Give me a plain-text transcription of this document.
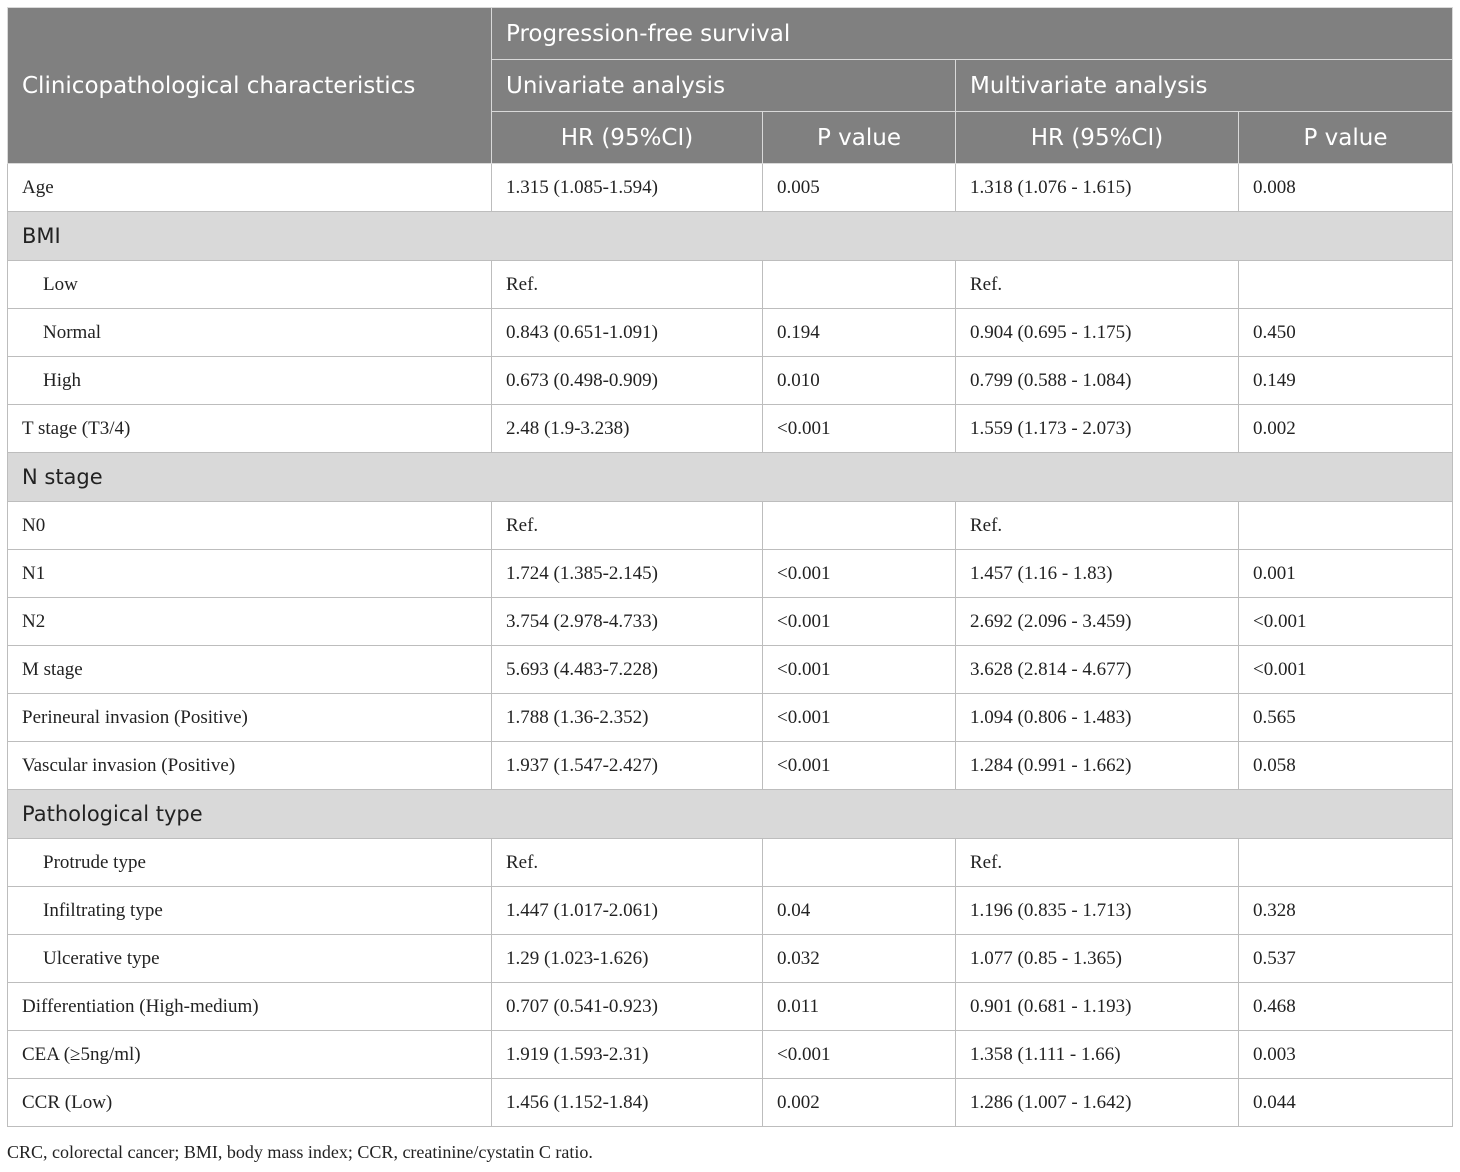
Clinicopathological characteristics	Progression-free survival			
	Univariate analysis		Multivariate analysis	
	HR (95%CI)	P value	HR (95%CI)	P value
Age	1.315 (1.085-1.594)	0.005	1.318 (1.076 - 1.615)	0.008
BMI				
Low	Ref.		Ref.	
Normal	0.843 (0.651-1.091)	0.194	0.904 (0.695 - 1.175)	0.450
High	0.673 (0.498-0.909)	0.010	0.799 (0.588 - 1.084)	0.149
T stage (T3/4)	2.48 (1.9-3.238)	<0.001	1.559 (1.173 - 2.073)	0.002
N stage				
N0	Ref.		Ref.	
N1	1.724 (1.385-2.145)	<0.001	1.457 (1.16 - 1.83)	0.001
N2	3.754 (2.978-4.733)	<0.001	2.692 (2.096 - 3.459)	<0.001
M stage	5.693 (4.483-7.228)	<0.001	3.628 (2.814 - 4.677)	<0.001
Perineural invasion (Positive)	1.788 (1.36-2.352)	<0.001	1.094 (0.806 - 1.483)	0.565
Vascular invasion (Positive)	1.937 (1.547-2.427)	<0.001	1.284 (0.991 - 1.662)	0.058
Pathological type				
Protrude type	Ref.		Ref.	
Infiltrating type	1.447 (1.017-2.061)	0.04	1.196 (0.835 - 1.713)	0.328
Ulcerative type	1.29 (1.023-1.626)	0.032	1.077 (0.85 - 1.365)	0.537
Differentiation (High-medium)	0.707 (0.541-0.923)	0.011	0.901 (0.681 - 1.193)	0.468
CEA (≥5ng/ml)	1.919 (1.593-2.31)	<0.001	1.358 (1.111 - 1.66)	0.003
CCR (Low)	1.456 (1.152-1.84)	0.002	1.286 (1.007 - 1.642)	0.044
CRC, colorectal cancer; BMI, body mass index; CCR, creatinine/cystatin C ratio.
